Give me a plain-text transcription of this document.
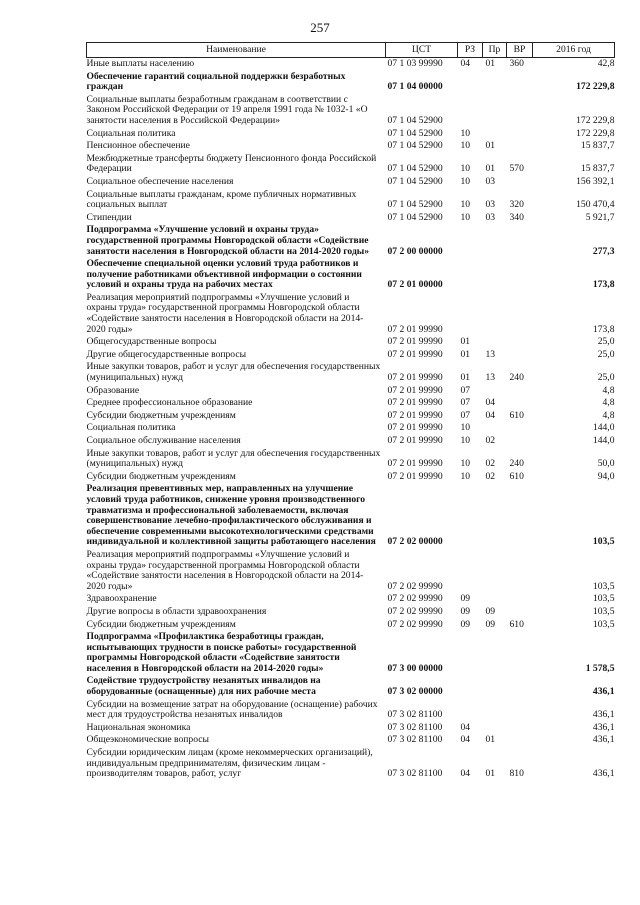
257
Наименование	ЦСТ	РЗ	Пр	ВР	2016 год
Иные выплаты населению	07 1 03 99990	04	01	360	42,8
Обеспечение гарантий социальной поддержки безработных граждан	07 1 04 00000				172 229,8
Социальные выплаты безработным гражданам в соответствии с Законом Российской Федерации от 19 апреля 1991 года № 1032-1 «О занятости населения в Российской Федерации»	07 1 04 52900				172 229,8
Социальная политика	07 1 04 52900	10			172 229,8
Пенсионное обеспечение	07 1 04 52900	10	01		15 837,7
Межбюджетные трансферты бюджету Пенсионного фонда Российской Федерации	07 1 04 52900	10	01	570	15 837,7
Социальное обеспечение населения	07 1 04 52900	10	03		156 392,1
Социальные выплаты гражданам, кроме публичных нормативных социальных выплат	07 1 04 52900	10	03	320	150 470,4
Стипендии	07 1 04 52900	10	03	340	5 921,7
Подпрограмма «Улучшение условий и охраны труда» государственной программы Новгородской области «Содействие занятости населения в Новгородской области на 2014-2020 годы»	07 2 00 00000				277,3
Обеспечение специальной оценки условий труда работников и получение работниками объективной информации о состоянии условий и охраны труда на рабочих местах	07 2 01 00000				173,8
Реализация мероприятий подпрограммы «Улучшение условий и охраны труда» государственной программы Новгородской области «Содействие занятости населения в Новгородской области на 2014-2020 годы»	07 2 01 99990				173,8
Общегосударственные вопросы	07 2 01 99990	01			25,0
Другие общегосударственные вопросы	07 2 01 99990	01	13		25,0
Иные закупки товаров, работ и услуг для обеспечения государственных (муниципальных) нужд	07 2 01 99990	01	13	240	25,0
Образование	07 2 01 99990	07			4,8
Среднее профессиональное образование	07 2 01 99990	07	04		4,8
Субсидии бюджетным учреждениям	07 2 01 99990	07	04	610	4,8
Социальная политика	07 2 01 99990	10			144,0
Социальное обслуживание населения	07 2 01 99990	10	02		144,0
Иные закупки товаров, работ и услуг для обеспечения государственных (муниципальных) нужд	07 2 01 99990	10	02	240	50,0
Субсидии бюджетным учреждениям	07 2 01 99990	10	02	610	94,0
Реализация превентивных мер, направленных на улучшение условий труда работников, снижение уровня производственного травматизма и профессиональной заболеваемости, включая совершенствование лечебно-профилактического обслуживания и обеспечение современными высокотехнологическими средствами индивидуальной и коллективной защиты работающего населения	07 2 02 00000				103,5
Реализация мероприятий подпрограммы «Улучшение условий и охраны труда» государственной программы Новгородской области «Содействие занятости населения в Новгородской области на 2014-2020 годы»	07 2 02 99990				103,5
Здравоохранение	07 2 02 99990	09			103,5
Другие вопросы в области здравоохранения	07 2 02 99990	09	09		103,5
Субсидии бюджетным учреждениям	07 2 02 99990	09	09	610	103,5
Подпрограмма «Профилактика безработицы граждан, испытывающих трудности в поиске работы» государственной программы Новгородской области «Содействие занятости населения в Новгородской области на 2014-2020 годы»	07 3 00 00000				1 578,5
Содействие трудоустройству незанятых инвалидов на оборудованные (оснащенные) для них рабочие места	07 3 02 00000				436,1
Субсидии на возмещение затрат на оборудование (оснащение) рабочих мест для трудоустройства незанятых инвалидов	07 3 02 81100				436,1
Национальная экономика	07 3 02 81100	04			436,1
Общеэкономические вопросы	07 3 02 81100	04	01		436,1
Субсидии юридическим лицам (кроме некоммерческих организаций), индивидуальным предпринимателям, физическим лицам - производителям товаров, работ, услуг	07 3 02 81100	04	01	810	436,1
